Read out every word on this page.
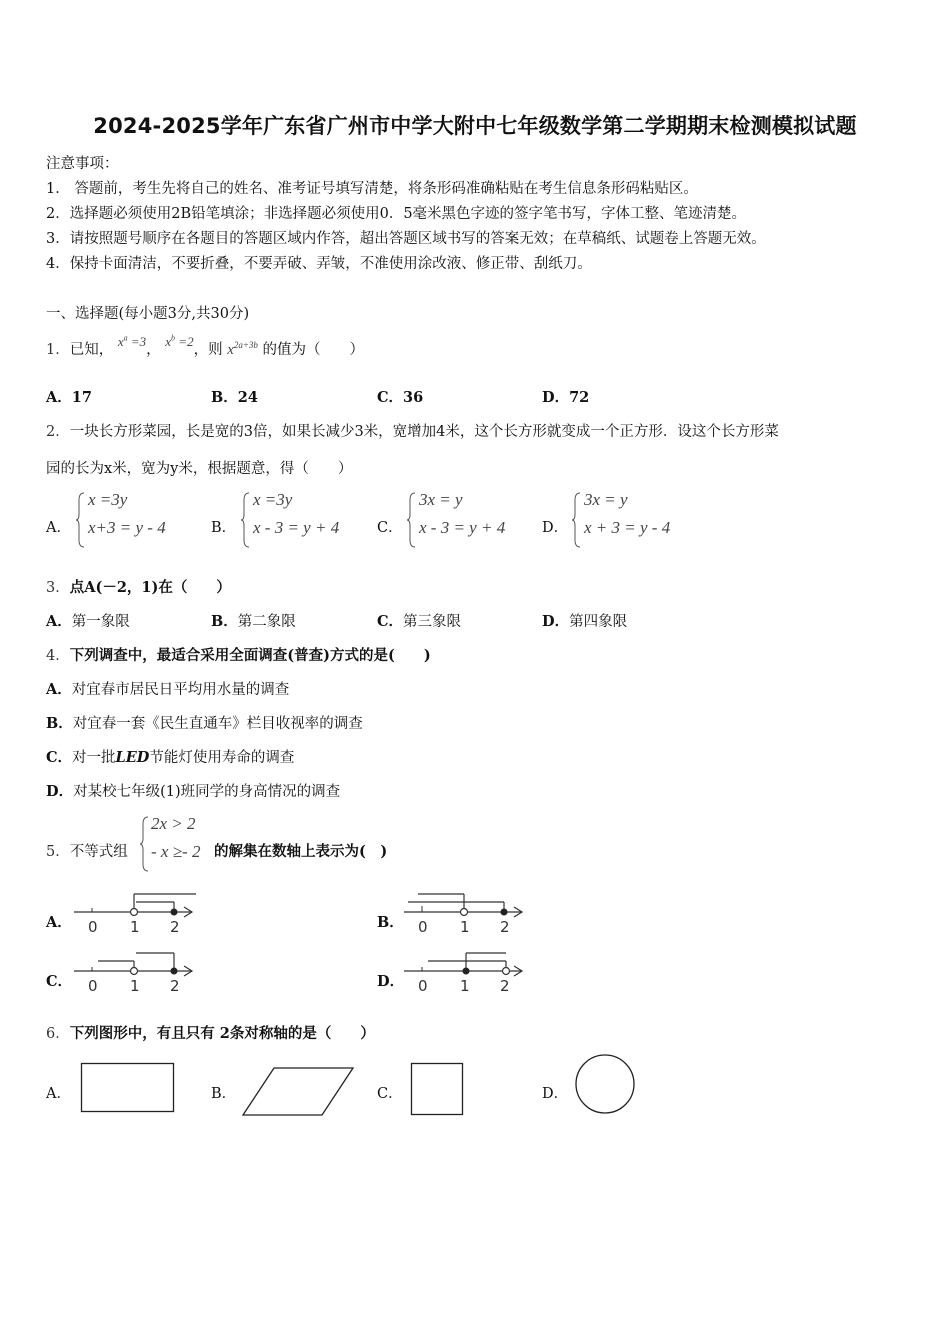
2024-2025学年广东省广州市中学大附中七年级数学第二学期期末检测模拟试题
注意事项：
1． 答题前，考生先将自己的姓名、准考证号填写清楚，将条形码准确粘贴在考生信息条形码粘贴区。
2．选择题必须使用2B铅笔填涂；非选择题必须使用0．5毫米黑色字迹的签字笔书写，字体工整、笔迹清楚。
3．请按照题号顺序在各题目的答题区域内作答，超出答题区域书写的答案无效；在草稿纸、试题卷上答题无效。
4．保持卡面清洁，不要折叠，不要弄破、弄皱，不准使用涂改液、修正带、刮纸刀。
一、选择题(每小题3分,共30分)
1．已知， $x^a =3$， $x^b =2$，则 $x^{2a+3b}$ 的值为（　　）
A．17	B．24	C．36	D．72
2．一块长方形菜园，长是宽的3倍，如果长减少3米，宽增加4米，这个长方形就变成一个正方形．设这个长方形菜
园的长为x米，宽为y米，根据题意，得（　　）
A．
x =3y
x+3 = y - 4	B．
x =3y
x - 3 = y + 4	C．
3x = y
x - 3 = y + 4	D．
3x = y
x + 3 = y - 4
3．点A(－2，1)在（　　）
A．第一象限	B．第二象限	C．第三象限	D．第四象限
4．下列调查中，最适合采用全面调查(普查)方式的是(　　)
A．对宜春市居民日平均用水量的调查
B．对宜春一套《民生直通车》栏目收视率的调查
C．对一批LED节能灯使用寿命的调查
D．对某校七年级(1)班同学的身高情况的调查
5．不等式组
2x > 2
- x ≥- 2 的解集在数轴上表示为(　)
A． 0 1 2	B． 0 1 2
C． 0 1 2	D． 0 1 2
6．下列图形中，有且只有 2条对称轴的是（　　）
A．	B．	C．	D．
